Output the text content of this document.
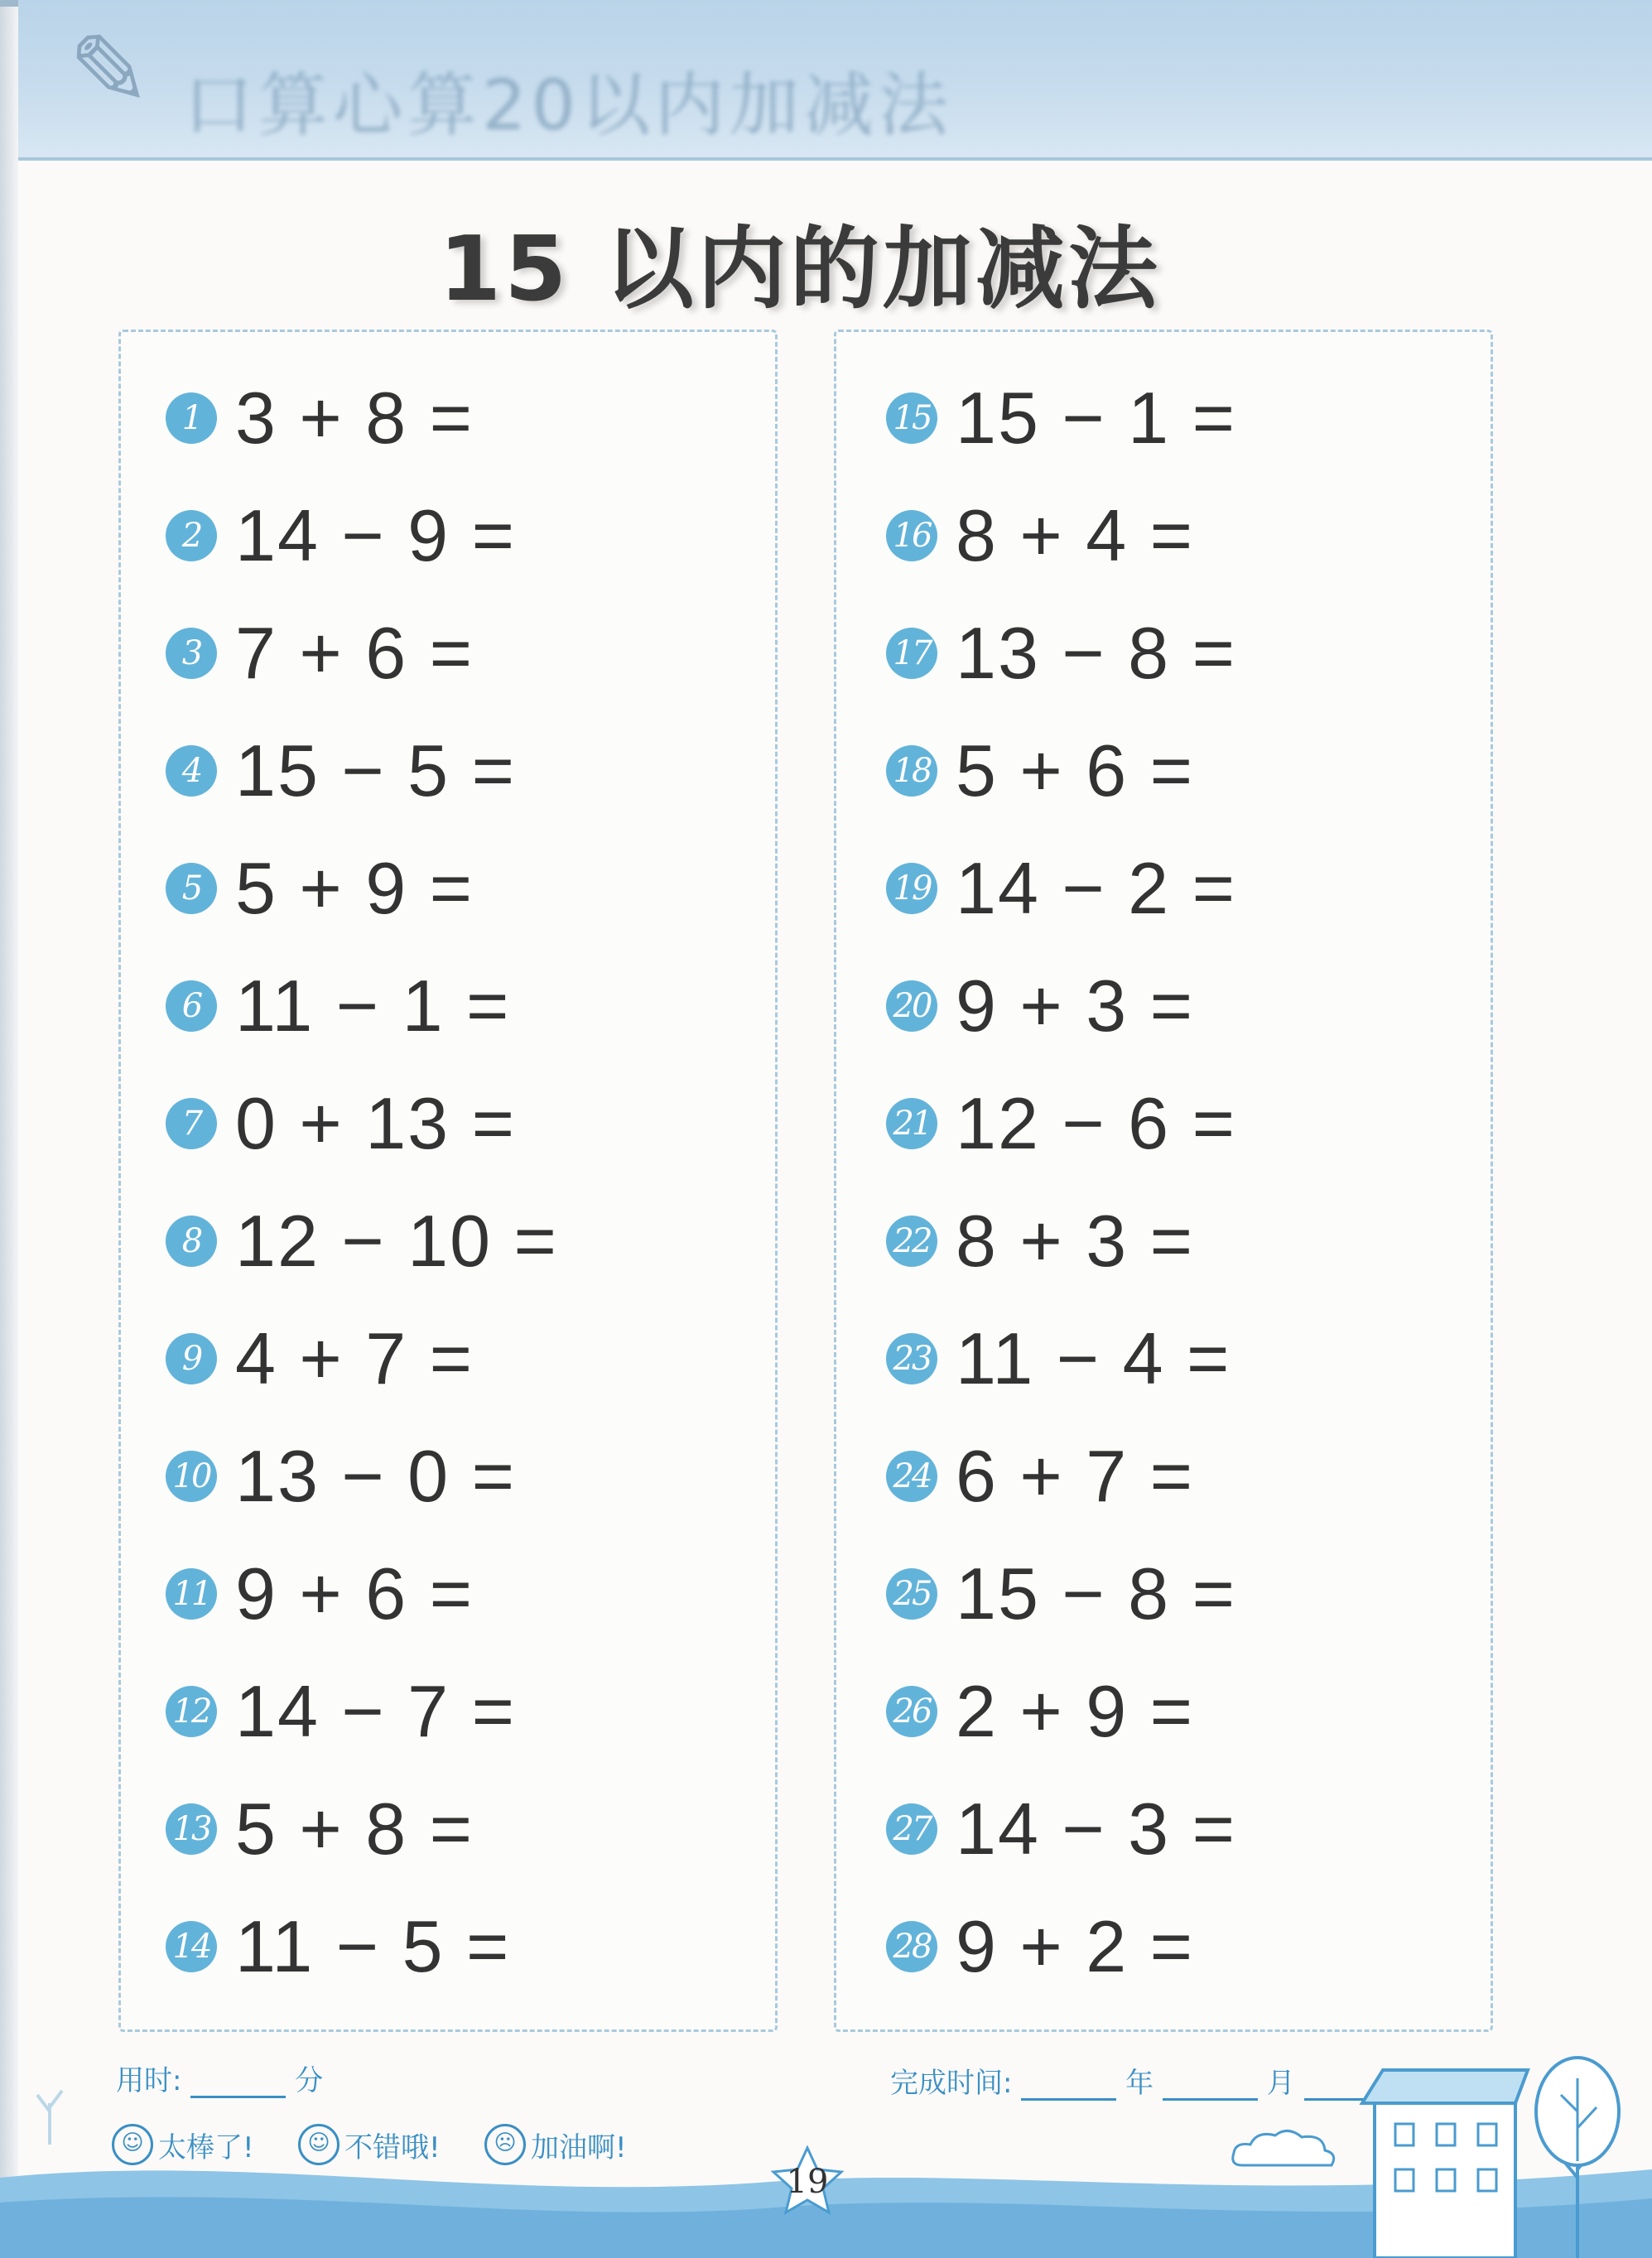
✎ 口算心算20以内加减法
15 以内的加减法
1 3 + 8 =
2 14 − 9 =
3 7 + 6 =
4 15 − 5 =
5 5 + 9 =
6 11 − 1 =
7 0 + 13 =
8 12 − 10 =
9 4 + 7 =
10 13 − 0 =
11 9 + 6 =
12 14 − 7 =
13 5 + 8 =
14 11 − 5 =
15 15 − 1 =
16 8 + 4 =
17 13 − 8 =
18 5 + 6 =
19 14 − 2 =
20 9 + 3 =
21 12 − 6 =
22 8 + 3 =
23 11 − 4 =
24 6 + 7 =
25 15 − 8 =
26 2 + 9 =
27 14 − 3 =
28 9 + 2 =
用时:	分	完成时间:	年	月
☺ 太棒了!	☺ 不错哦!	☹ 加油啊!
19
